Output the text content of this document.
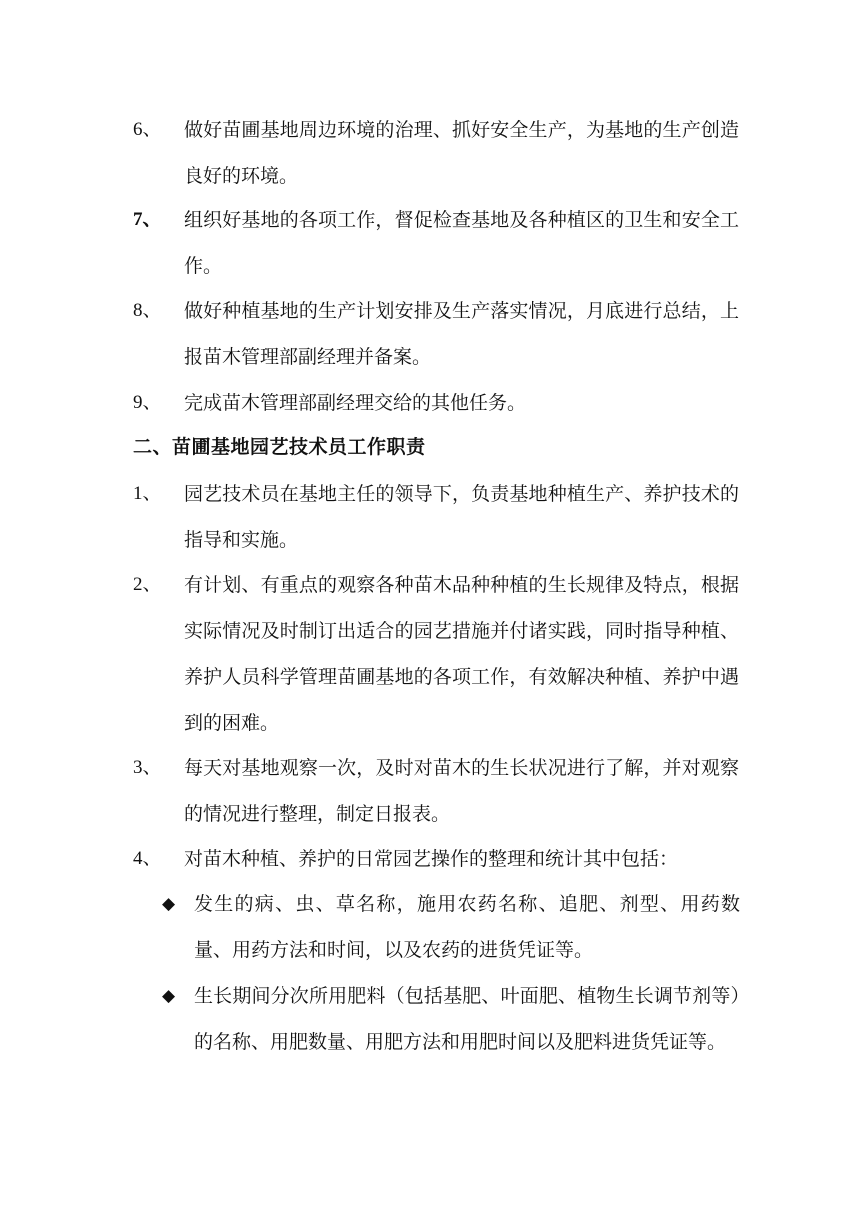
6、 做好苗圃基地周边环境的治理、抓好安全生产，为基地的生产创造良好的环境。
7、 组织好基地的各项工作，督促检查基地及各种植区的卫生和安全工作。
8、 做好种植基地的生产计划安排及生产落实情况，月底进行总结，上报苗木管理部副经理并备案。
9、 完成苗木管理部副经理交给的其他任务。
二、苗圃基地园艺技术员工作职责
1、 园艺技术员在基地主任的领导下，负责基地种植生产、养护技术的指导和实施。
2、 有计划、有重点的观察各种苗木品种种植的生长规律及特点，根据实际情况及时制订出适合的园艺措施并付诸实践，同时指导种植、养护人员科学管理苗圃基地的各项工作，有效解决种植、养护中遇到的困难。
3、 每天对基地观察一次，及时对苗木的生长状况进行了解，并对观察的情况进行整理，制定日报表。
4、 对苗木种植、养护的日常园艺操作的整理和统计其中包括：
◆ 发生的病、虫、草名称，施用农药名称、追肥、剂型、用药数量、用药方法和时间，以及农药的进货凭证等。
◆ 生长期间分次所用肥料（包括基肥、叶面肥、植物生长调节剂等）的名称、用肥数量、用肥方法和用肥时间以及肥料进货凭证等。
